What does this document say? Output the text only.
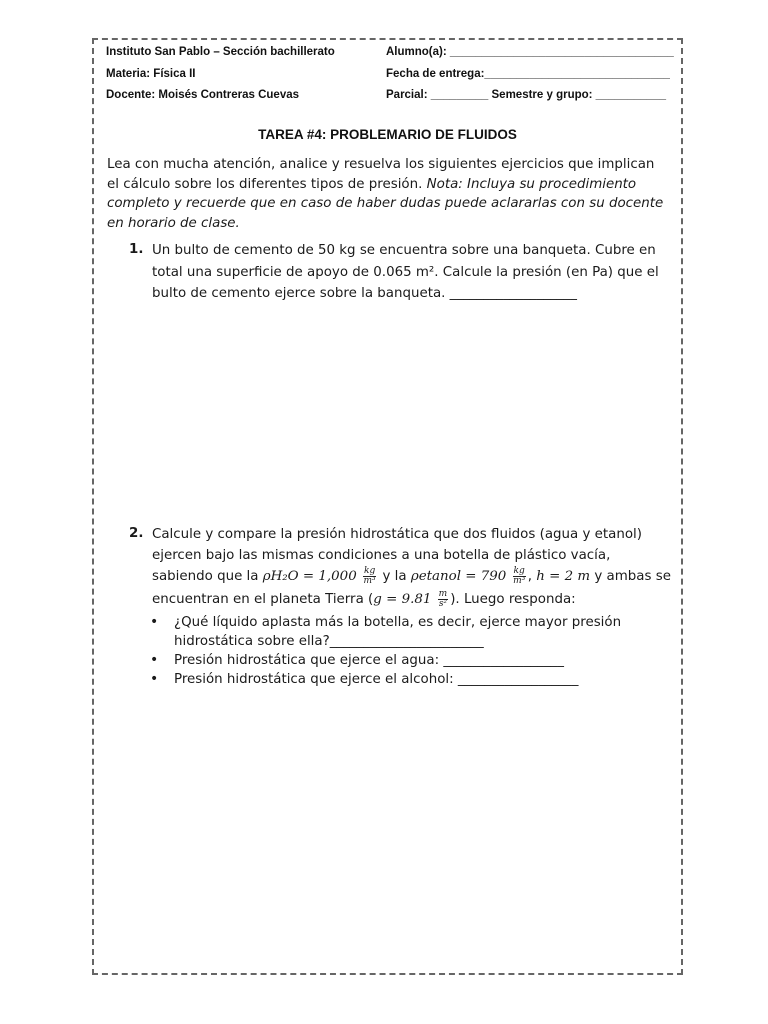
Instituto San Pablo – Sección bachillerato	Alumno(a): ___________________________________
Materia: Física II	Fecha de entrega:_____________________________
Docente: Moisés Contreras Cuevas	Parcial: _________ Semestre y grupo: ___________
TAREA #4: PROBLEMARIO DE FLUIDOS
Lea con mucha atención, analice y resuelva los siguientes ejercicios que implican el cálculo sobre los diferentes tipos de presión. Nota: Incluya su procedimiento completo y recuerde que en caso de haber dudas puede aclararlas con su docente en horario de clase.
1. Un bulto de cemento de 50 kg se encuentra sobre una banqueta. Cubre en
total una superficie de apoyo de 0.065 m². Calcule la presión (en Pa) que el
bulto de cemento ejerce sobre la banqueta. ___________________
2. Calcule y compare la presión hidrostática que dos fluidos (agua y etanol)
ejercen bajo las mismas condiciones a una botella de plástico vacía,
sabiendo que la $\rho H_2O = 1,000 \frac{kg}{\text{m³}}$ y la ρetanol = $790 \frac{kg}{\text{m³}}$ , h = 2 m y ambas se
encuentran en el planeta Tierra ($g = 9.81 \frac{m}{\text{s²}}$ ). Luego responda:
• ¿Qué líquido aplasta más la botella, es decir, ejerce mayor presión
hidrostática sobre ella?_______________________
• Presión hidrostática que ejerce el agua: __________________
• Presión hidrostática que ejerce el alcohol: __________________
